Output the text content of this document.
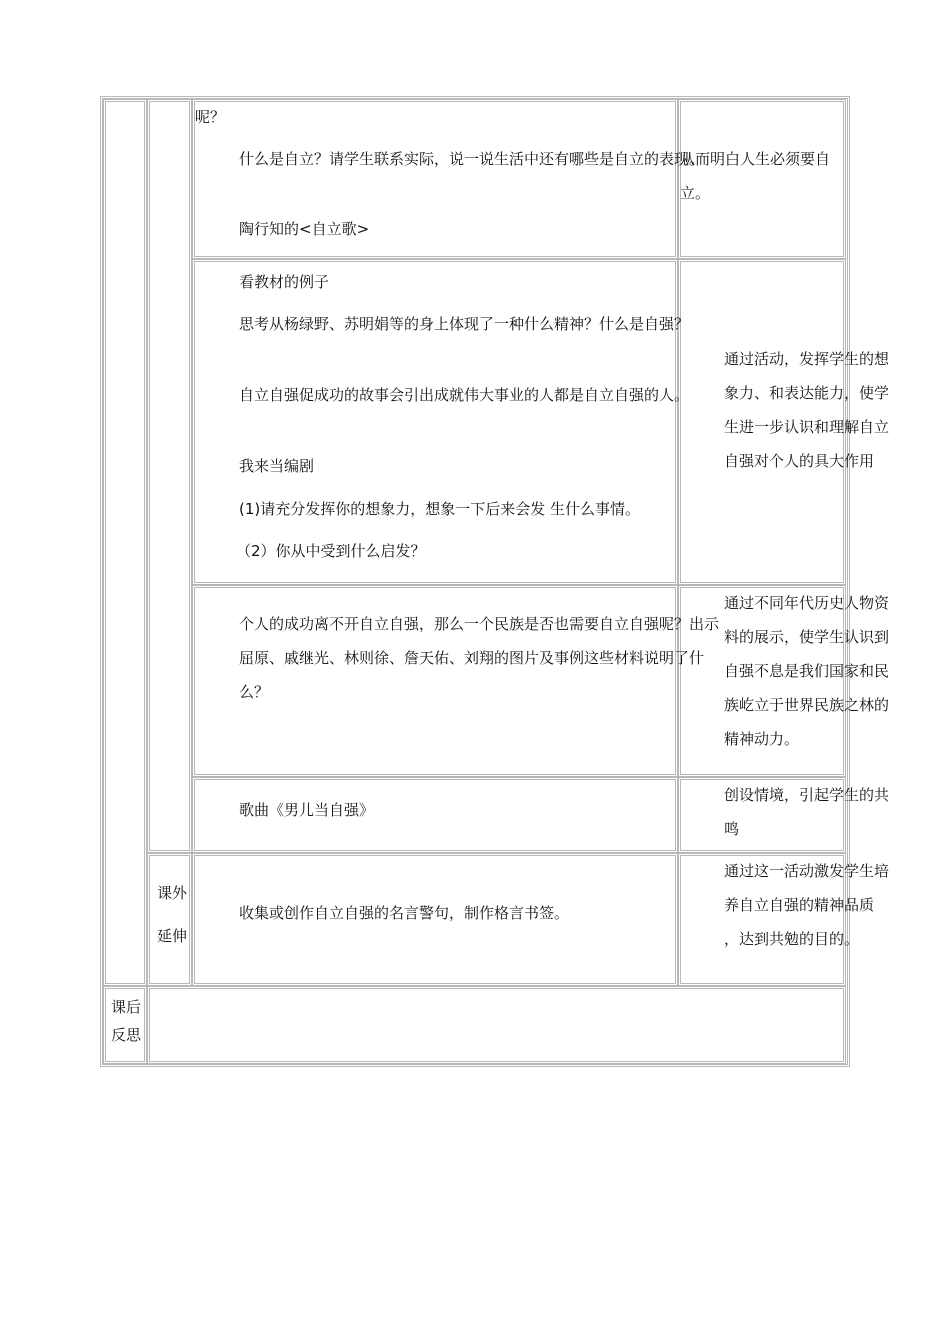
呢？
什么是自立？请学生联系实际，说一说生活中还有哪些是自立的表现。
陶行知的<自立歌>
从而明白人生必须要自立。
看教材的例子
思考从杨绿野、苏明娟等的身上体现了一种什么精神？什么是自强？
自立自强促成功的故事会引出成就伟大事业的人都是自立自强的人。
我来当编剧
(1)请充分发挥你的想象力，想象一下后来会发 生什么事情。
（2）你从中受到什么启发？
通过活动，发挥学生的想象力、和表达能力，使学生进一步认识和理解自立自强对个人的具大作用
个人的成功离不开自立自强，那么一个民族是否也需要自立自强呢？出示屈原、戚继光、林则徐、詹天佑、刘翔的图片及事例这些材料说明了什么？
通过不同年代历史人物资料的展示，使学生认识到自强不息是我们国家和民族屹立于世界民族之林的精神动力。
歌曲《男儿当自强》
创设情境，引起学生的共鸣
课外
延伸
收集或创作自立自强的名言警句，制作格言书签。
通过这一活动激发学生培养自立自强的精神品质 ，达到共勉的目的。
课后
反思
